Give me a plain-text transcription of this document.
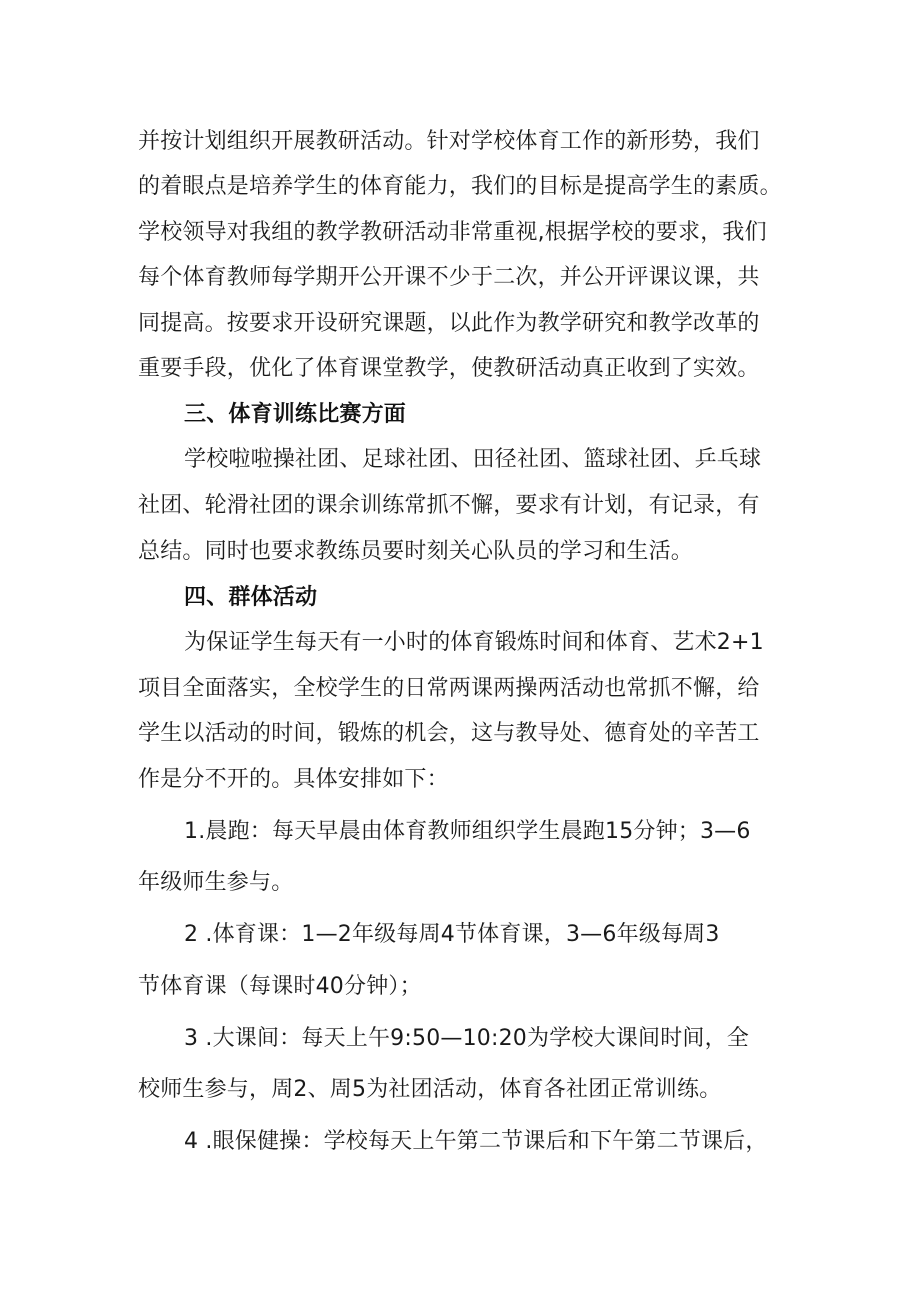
并按计划组织开展教研活动。针对学校体育工作的新形势，我们

的着眼点是培养学生的体育能力，我们的目标是提高学生的素质。

学校领导对我组的教学教研活动非常重视,根据学校的要求，我们

每个体育教师每学期开公开课不少于二次，并公开评课议课，共

同提高。按要求开设研究课题，以此作为教学研究和教学改革的

重要手段，优化了体育课堂教学，使教研活动真正收到了实效。

三、体育训练比赛方面

学校啦啦操社团、足球社团、田径社团、篮球社团、乒乓球

社团、轮滑社团的课余训练常抓不懈，要求有计划，有记录，有

总结。同时也要求教练员要时刻关心队员的学习和生活。

四、群体活动

为保证学生每天有一小时的体育锻炼时间和体育、艺术2+1

项目全面落实，全校学生的日常两课两操两活动也常抓不懈，给

学生以活动的时间，锻炼的机会，这与教导处、德育处的辛苦工

作是分不开的。具体安排如下：

1.晨跑：每天早晨由体育教师组织学生晨跑15分钟；3—6

年级师生参与。

2 .体育课：1—2年级每周4节体育课，3—6年级每周3

节体育课（每课时40分钟）；

3 .大课间：每天上午9:50—10:20为学校大课间时间，全

校师生参与，周2、周5为社团活动，体育各社团正常训练。

4 .眼保健操：学校每天上午第二节课后和下午第二节课后，
